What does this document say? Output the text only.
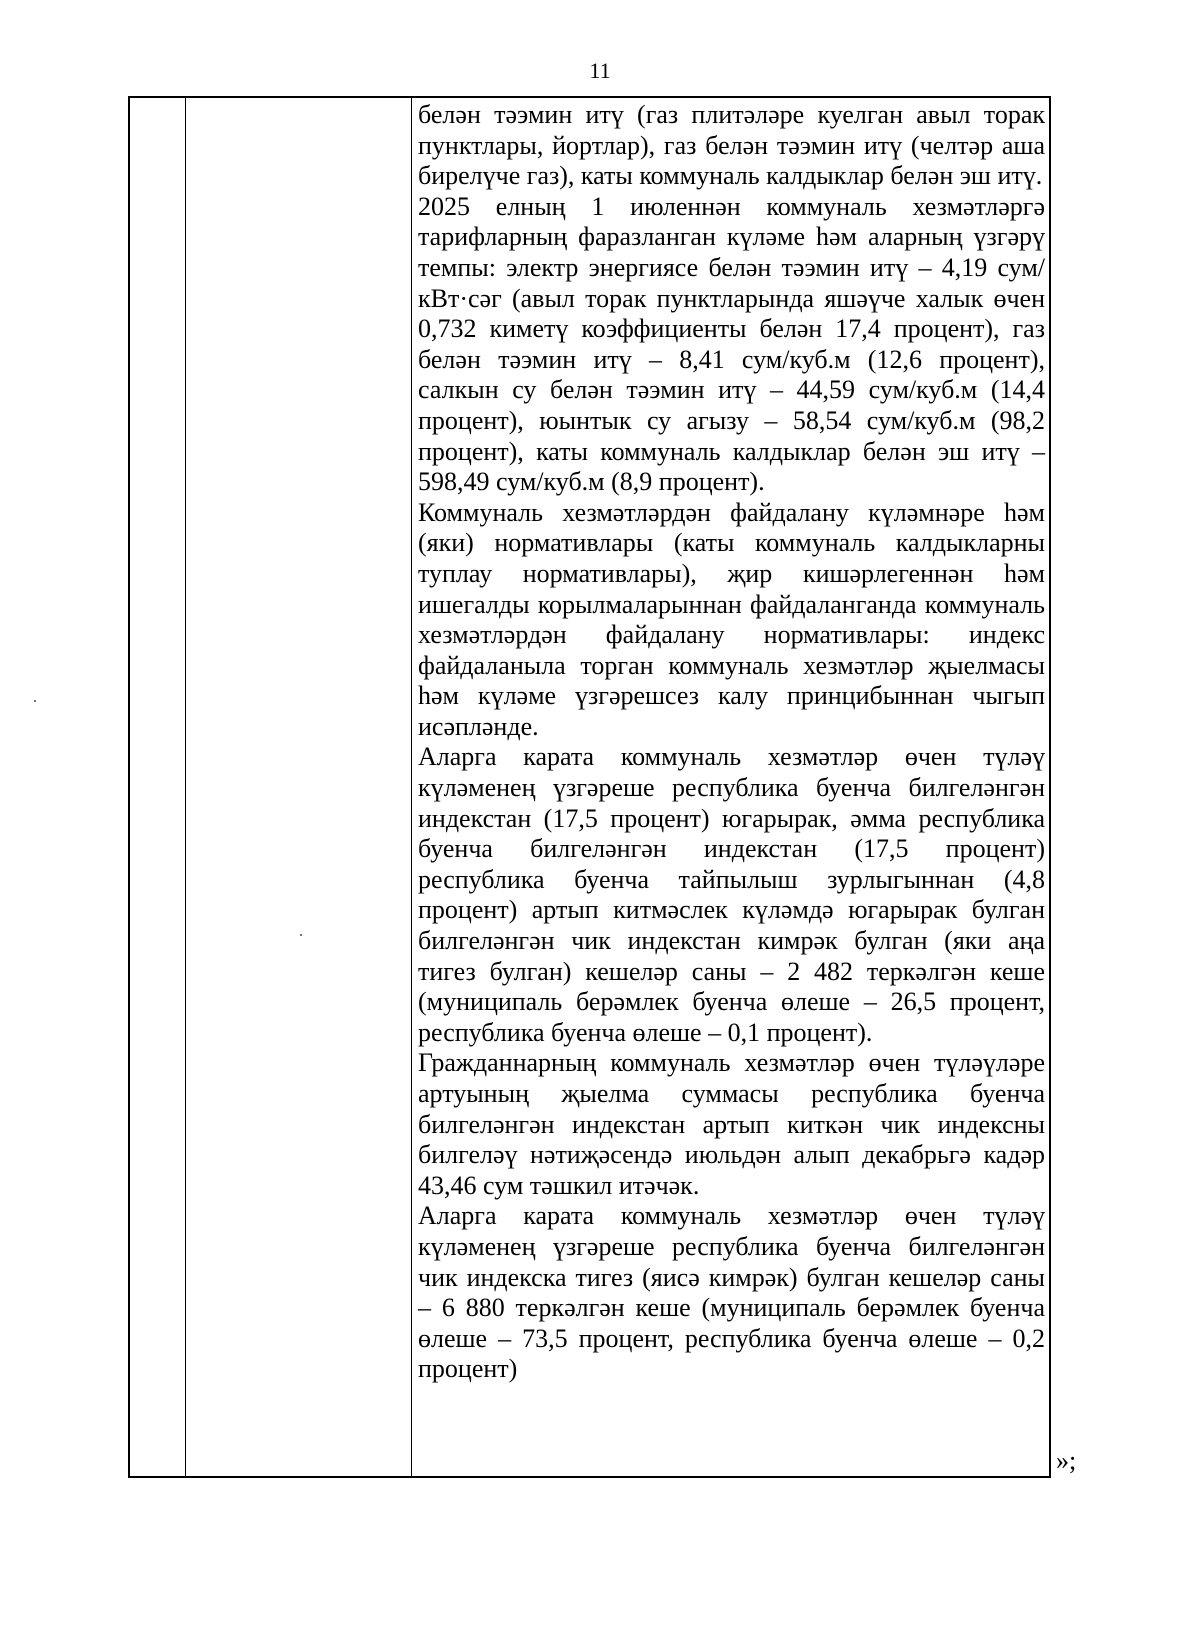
11

белән тәэмин итү (газ плитәләре куелган авыл торак пунктлары, йортлар), газ белән тәэмин итү (челтәр аша бирелүче газ), каты коммуналь калдыклар белән эш итү.

2025 елның 1 июленнән коммуналь хезмәтләргә тарифларның фаразланган күләме һәм аларның үзгәрү темпы: электр энергиясе белән тәэмин итү – 4,19 сум/кВт·сәг (авыл торак пунктларында яшәүче халык өчен 0,732 киметү коэффициенты белән 17,4 процент), газ белән тәэмин итү – 8,41 сум/куб.м (12,6 процент), салкын су белән тәэмин итү – 44,59 сум/куб.м (14,4 процент), юынтык су агызу – 58,54 сум/куб.м (98,2 процент), каты коммуналь калдыклар белән эш итү – 598,49 сум/куб.м (8,9 процент).

Коммуналь хезмәтләрдән файдалану күләмнәре һәм (яки) нормативлары (каты коммуналь калдыкларны туплау нормативлары), җир кишәрлегеннән һәм ишегалды корылмаларыннан файдаланганда коммуналь хезмәтләрдән файдалану нормативлары: индекс файдаланыла торган коммуналь хезмәтләр җыелмасы һәм күләме үзгәрешсез калу принцибыннан чыгып исәпләнде.

Аларга карата коммуналь хезмәтләр өчен түләү күләменең үзгәреше республика буенча билгеләнгән индекстан (17,5 процент) югарырак, әмма республика буенча билгеләнгән индекстан (17,5 процент) республика буенча тайпылыш зурлыгыннан (4,8 процент) артып китмәслек күләмдә югарырак булган билгеләнгән чик индекстан кимрәк булган (яки аңа тигез булган) кешеләр саны – 2 482 теркәлгән кеше (муниципаль берәмлек буенча өлеше – 26,5 процент, республика буенча өлеше – 0,1 процент).

Гражданнарның коммуналь хезмәтләр өчен түләүләре артуының җыелма суммасы республика буенча билгеләнгән индекстан артып киткән чик индексны билгеләү нәтиҗәсендә июльдән алып декабрьгә кадәр 43,46 сум тәшкил итәчәк.

Аларга карата коммуналь хезмәтләр өчен түләү күләменең үзгәреше республика буенча билгеләнгән чик индекска тигез (яисә кимрәк) булган кешеләр саны – 6 880 теркәлгән кеше (муниципаль берәмлек буенча өлеше – 73,5 процент, республика буенча өлеше – 0,2 процент)

»;
